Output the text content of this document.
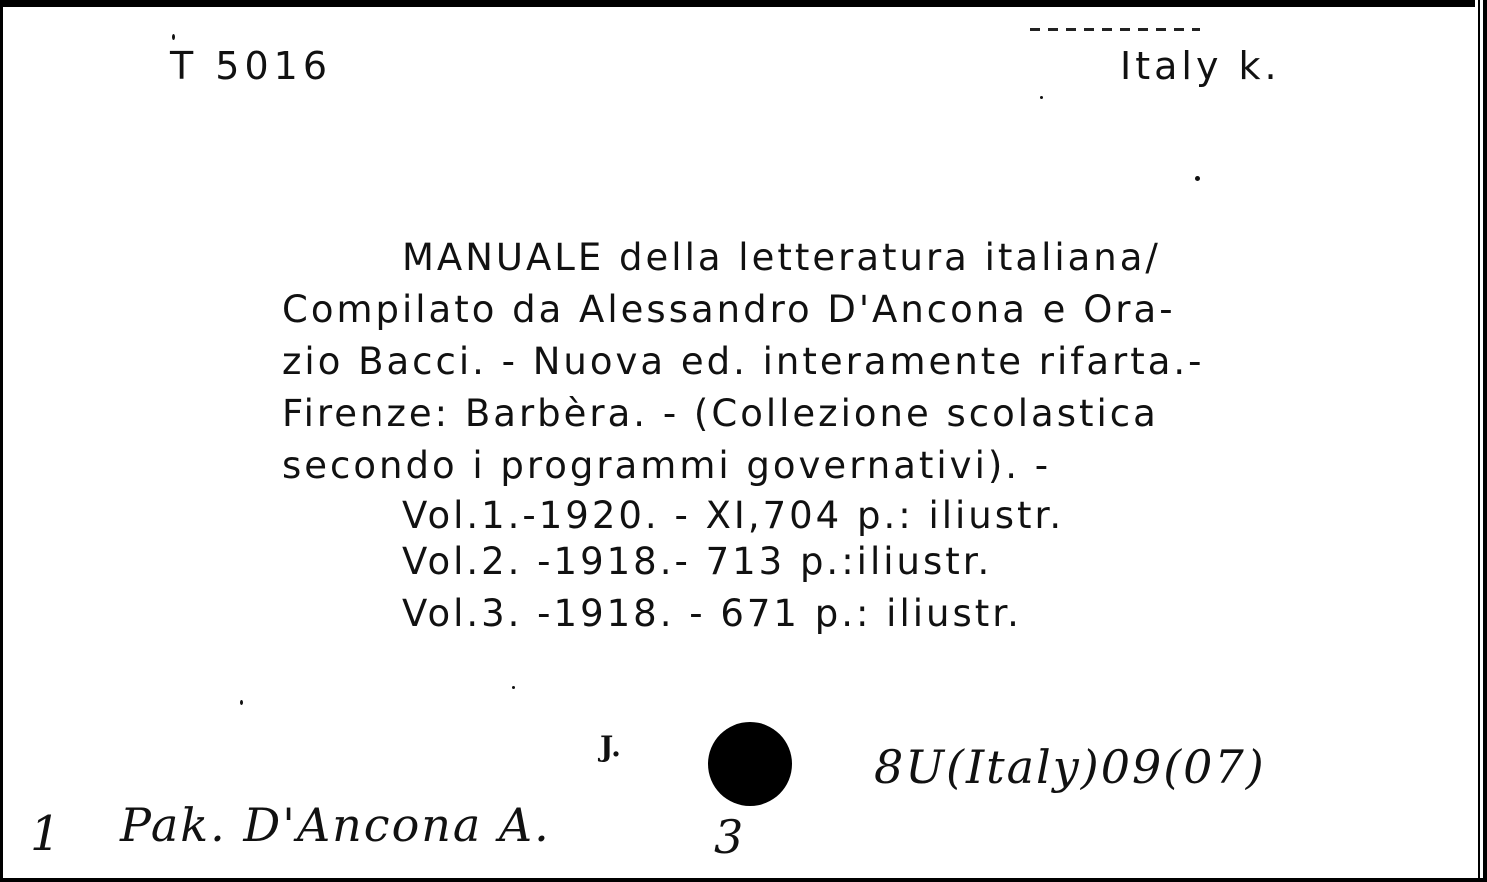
T 5016	Italy k.
MANUALE della letteratura italiana/
Compilato da Alessandro D'Ancona e Ora-
zio Bacci. - Nuova ed. interamente rifarta.-
Firenze: Barbèra. - (Collezione scolastica
secondo i programmi governativi). -
Vol.1.-1920. - XI,704 p.: iliustr.
Vol.2. -1918.- 713 p.:iliustr.
Vol.3. -1918. - 671 p.: iliustr.
J.	8U(Italy)09(07)
1 Pak. D'Ancona A.	3
